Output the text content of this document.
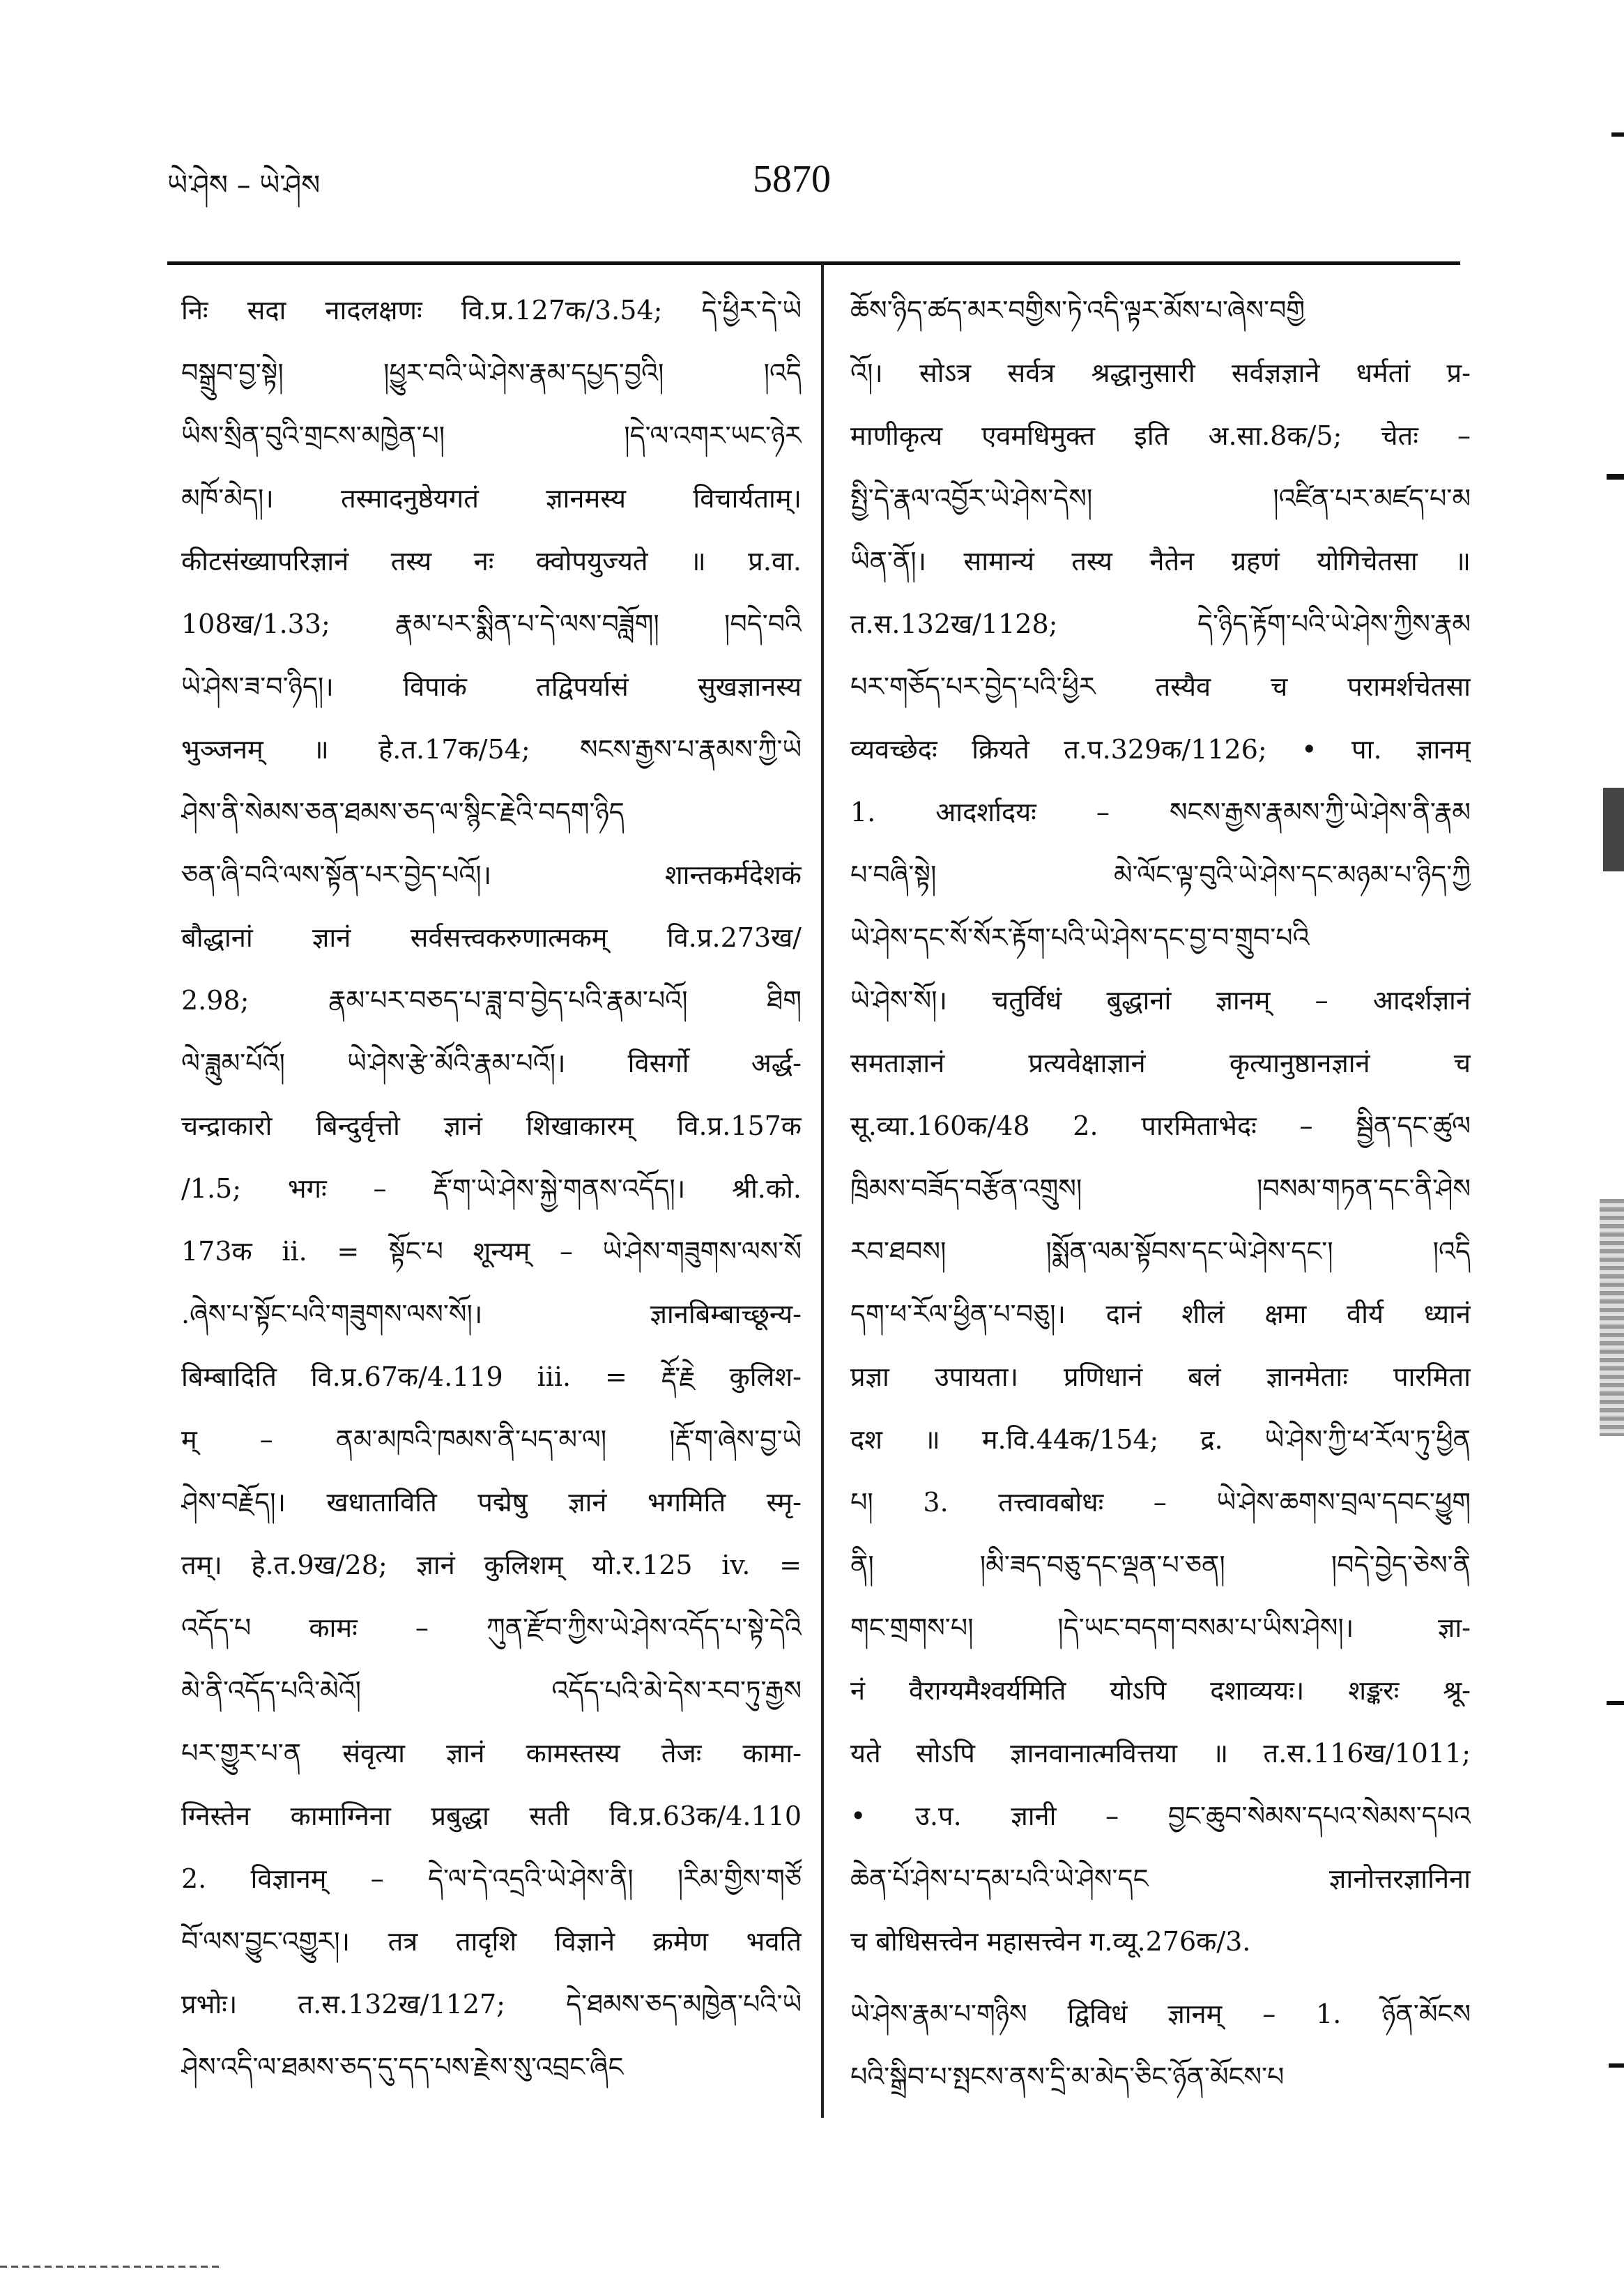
ཡེ་ཤེས – ཡེ་ཤེས	5870
निः सदा नादलक्षणः वि.प्र.127क/3.54; དེ་ཕྱིར་དེ་ཡེ
བསྒྲུབ་བྱ་སྟེ། །ཕྱུར་བའི་ཡེ་ཤེས་རྣམ་དཔྱད་བྱའི། །འདི
ཡིས་སྲིན་བུའི་གྲངས་མཁྱེན་པ། །དེ་ལ་འགར་ཡང་ཉེར
མཁོ་མེད།। तस्मादनुष्ठेयगतं ज्ञानमस्य विचार्यताम्।
कीटसंख्यापरिज्ञानं तस्य नः क्वोपयुज्यते ॥ प्र.वा.
108ख/1.33; རྣམ་པར་སྨིན་པ་དེ་ལས་བཟློག། །བདེ་བའི
ཡེ་ཤེས་ཟ་བ་ཉིད།। विपाकं तद्विपर्यासं सुखज्ञानस्य
भुञ्जनम् ॥ हे.त.17क/54; སངས་རྒྱས་པ་རྣམས་ཀྱི་ཡེ
ཤེས་ནི་སེམས་ཅན་ཐམས་ཅད་ལ་སྙིང་རྗེའི་བདག་ཉིད
ཅན་ཞི་བའི་ལས་སྟོན་པར་བྱེད་པའོ།। शान्तकर्मदेशकं
बौद्धानां ज्ञानं सर्वसत्त्वकरुणात्मकम् वि.प्र.273ख/
2.98; རྣམ་པར་བཅད་པ་ཟླ་བ་བྱེད་པའི་རྣམ་པའོ། ཐིག
ལེ་ཟླུམ་པོའོ། ཡེ་ཤེས་རྩེ་མོའི་རྣམ་པའོ།। विसर्गो अर्द्ध-
चन्द्राकारो बिन्दुर्वृत्तो ज्ञानं शिखाकारम् वि.प्र.157क
/1.5; भगः – རྡོ་ག་ཡེ་ཤེས་སྐྱེ་གནས་འདོད།। श्री.को.
173क ii. = སྟོང་པ शून्यम् – ཡེ་ཤེས་གཟུགས་ལས་སོ
.ཞེས་པ་སྟོང་པའི་གཟུགས་ལས་སོ།। ज्ञानबिम्बाच्छून्य-
बिम्बादिति वि.प्र.67क/4.119 iii. = རྡོ་རྗེ कुलिश-
म् – ནམ་མཁའི་ཁམས་ནི་པད་མ་ལ། །རྡོ་ག་ཞེས་བྱ་ཡེ
ཤེས་བརྗོད།। खधाताविति पद्मेषु ज्ञानं भगमिति स्मृ-
तम्। हे.त.9ख/28; ज्ञानं कुलिशम् यो.र.125 iv. =
འདོད་པ कामः – ཀུན་རྫོབ་ཀྱིས་ཡེ་ཤེས་འདོད་པ་སྟེ་དེའི
མེ་ནི་འདོད་པའི་མེའོ། འདོད་པའི་མེ་དེས་རབ་ཏུ་རྒྱས
པར་གྱུར་པ་ན संवृत्या ज्ञानं कामस्तस्य तेजः कामा-
ग्निस्तेन कामाग्निना प्रबुद्धा सती वि.प्र.63क/4.110
2. विज्ञानम् – དེ་ལ་དེ་འདྲའི་ཡེ་ཤེས་ནི། །རིམ་གྱིས་གཙོ
བོ་ལས་བྱུང་འགྱུར།। तत्र तादृशि विज्ञाने क्रमेण भवति
प्रभोः। त.स.132ख/1127; དེ་ཐམས་ཅད་མཁྱེན་པའི་ཡེ
ཤེས་འདི་ལ་ཐམས་ཅད་དུ་དད་པས་རྗེས་སུ་འབྲང་ཞིང
ཆོས་ཉིད་ཚད་མར་བགྱིས་ཏེ་འདི་ལྟར་མོས་པ་ཞེས་བགྱི
འོ།। सोऽत्र सर्वत्र श्रद्धानुसारी सर्वज्ञज्ञाने धर्मतां प्र-
माणीकृत्य एवमधिमुक्त इति अ.सा.8क/5; चेतः –
སྤྱི་དེ་རྣལ་འབྱོར་ཡེ་ཤེས་དེས། །འཛིན་པར་མཛད་པ་མ
ཡིན་ནོ།। सामान्यं तस्य नैतेन ग्रहणं योगिचेतसा ॥
त.स.132ख/1128; དེ་ཉིད་རྟོག་པའི་ཡེ་ཤེས་ཀྱིས་རྣམ
པར་གཅོད་པར་བྱེད་པའི་ཕྱིར तस्यैव च परामर्शचेतसा
व्यवच्छेदः क्रियते त.प.329क/1126; • पा. ज्ञानम्
1. आदर्शादयः – སངས་རྒྱས་རྣམས་ཀྱི་ཡེ་ཤེས་ནི་རྣམ
པ་བཞི་སྟེ། མེ་ལོང་ལྟ་བུའི་ཡེ་ཤེས་དང་མཉམ་པ་ཉིད་ཀྱི
ཡེ་ཤེས་དང་སོ་སོར་རྟོག་པའི་ཡེ་ཤེས་དང་བྱ་བ་གྲུབ་པའི
ཡེ་ཤེས་སོ།। चतुर्विधं बुद्धानां ज्ञानम् – आदर्शज्ञानं
समताज्ञानं प्रत्यवेक्षाज्ञानं कृत्यानुष्ठानज्ञानं च
सू.व्या.160क/48 2. पारमिताभेदः – སྦྱིན་དང་ཚུལ
ཁྲིམས་བཟོད་བརྩོན་འགྲུས། །བསམ་གཏན་དང་ནི་ཤེས
རབ་ཐབས། །སྨོན་ལམ་སྟོབས་དང་ཡེ་ཤེས་དང་། །འདི
དག་ཕ་རོལ་ཕྱིན་པ་བཅུ།। दानं शीलं क्षमा वीर्य ध्यानं
प्रज्ञा उपायता। प्रणिधानं बलं ज्ञानमेताः पारमिता
दश ॥ म.वि.44क/154; द्र. ཡེ་ཤེས་ཀྱི་ཕ་རོལ་ཏུ་ཕྱིན
པ། 3. तत्त्वावबोधः – ཡེ་ཤེས་ཆགས་བྲལ་དབང་ཕྱུག
ནི། །མི་ཟད་བཅུ་དང་ལྡན་པ་ཅན། །བདེ་བྱེད་ཅེས་ནི
གང་གྲགས་པ། །དེ་ཡང་བདག་བསམ་པ་ཡིས་ཤེས།। ज्ञा-
नं वैराग्यमैश्वर्यमिति योऽपि दशाव्ययः। शङ्करः श्रू-
यते सोऽपि ज्ञानवानात्मवित्तया ॥ त.स.116ख/1011;
• उ.प. ज्ञानी – བྱང་ཆུབ་སེམས་དཔའ་སེམས་དཔའ
ཆེན་པོ་ཤེས་པ་དམ་པའི་ཡེ་ཤེས་དང ज्ञानोत्तरज्ञानिना
च बोधिसत्त्वेन महासत्त्वेन ग.व्यू.276क/3.
ཡེ་ཤེས་རྣམ་པ་གཉིས द्विविधं ज्ञानम् – 1. ཉོན་མོངས
པའི་སྒྲིབ་པ་སྤངས་ནས་དྲི་མ་མེད་ཅིང་ཉོན་མོངས་པ
